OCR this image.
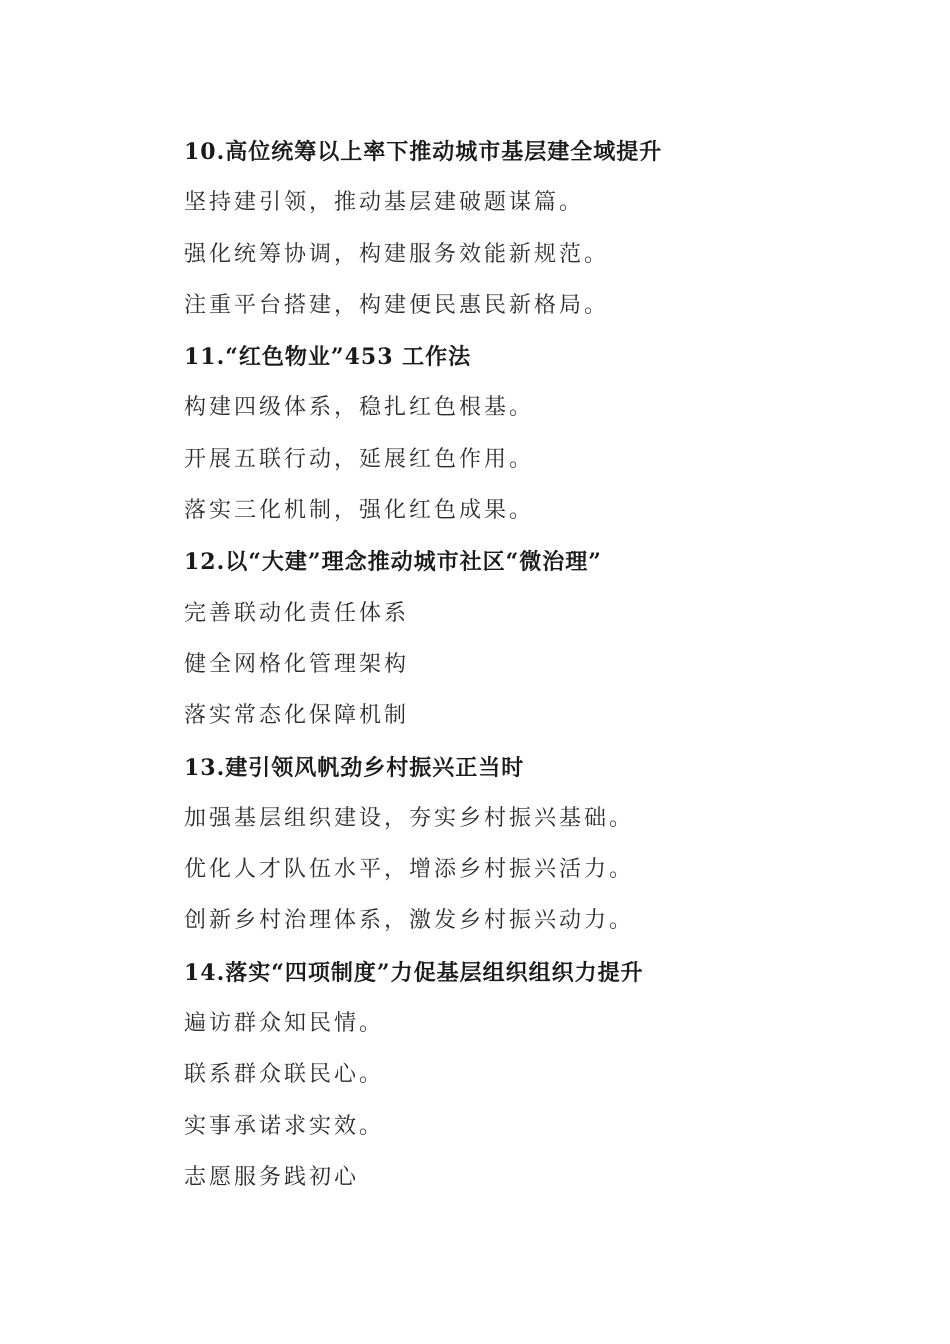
10.高位统筹以上率下推动城市基层建全域提升
坚持建引领，推动基层建破题谋篇。
强化统筹协调，构建服务效能新规范。
注重平台搭建，构建便民惠民新格局。
11.“红色物业”453 工作法
构建四级体系，稳扎红色根基。
开展五联行动，延展红色作用。
落实三化机制，强化红色成果。
12.以“大建”理念推动城市社区“微治理”
完善联动化责任体系
健全网格化管理架构
落实常态化保障机制
13.建引领风帆劲乡村振兴正当时
加强基层组织建设，夯实乡村振兴基础。
优化人才队伍水平，增添乡村振兴活力。
创新乡村治理体系，激发乡村振兴动力。
14.落实“四项制度”力促基层组织组织力提升
遍访群众知民情。
联系群众联民心。
实事承诺求实效。
志愿服务践初心
